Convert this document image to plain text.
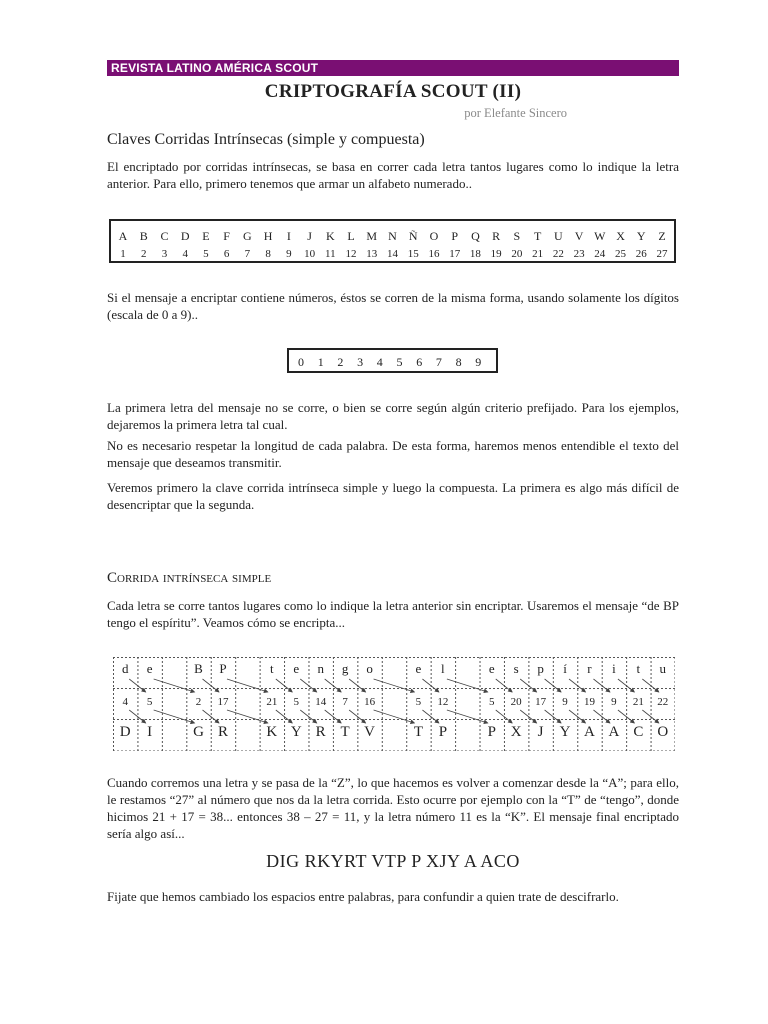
REVISTA LATINO AMÉRICA SCOUT
CRIPTOGRAFÍA SCOUT (II)
por Elefante Sincero
Claves Corridas Intrínsecas (simple y compuesta)

El encriptado por corridas intrínsecas, se basa en correr cada letra tantos lugares como lo indique la letra anterior. Para ello, primero tenemos que armar un alfabeto numerado..

A B C D E F G H I J K L M N Ñ O P Q R S T U V W X Y Z
1 2 3 4 5 6 7 8 9 10 11 12 13 14 15 16 17 18 19 20 21 22 23 24 25 26 27

Si el mensaje a encriptar contiene números, éstos se corren de la misma forma, usando solamente los dígitos (escala de 0 a 9)..

0 1 2 3 4 5 6 7 8 9

La primera letra del mensaje no se corre, o bien se corre según algún criterio prefijado. Para los ejemplos, dejaremos la primera letra tal cual.

No es necesario respetar la longitud de cada palabra. De esta forma, haremos menos entendible el texto del mensaje que deseamos transmitir.

Veremos primero la clave corrida intrínseca simple y luego la compuesta. La primera es algo más difícil de desencriptar que la segunda.

Corrida intrínseca simple

Cada letra se corre tantos lugares como lo indique la letra anterior sin encriptar. Usaremos el mensaje “de BP tengo el espíritu”. Veamos cómo se encripta...

d e	B P	t e n g o	e l	e s p í r i t u
4 5	2 17	21 5 14 7 16	5 12	5 20 17 9 19 9 21 22
D I	G R	K Y R T V	T P	P X J Y A A C O

Cuando corremos una letra y se pasa de la “Z”, lo que hacemos es volver a comenzar desde la “A”; para ello, le restamos “27” al número que nos da la letra corrida. Esto ocurre por ejemplo con la “T” de “tengo”, donde hicimos 21 + 17 = 38... entonces 38 – 27 = 11, y la letra número 11 es la “K”. El mensaje final encriptado sería algo así...

DIG RKYRT VTP P XJY A ACO

Fijate que hemos cambiado los espacios entre palabras, para confundir a quien trate de descifrarlo.
